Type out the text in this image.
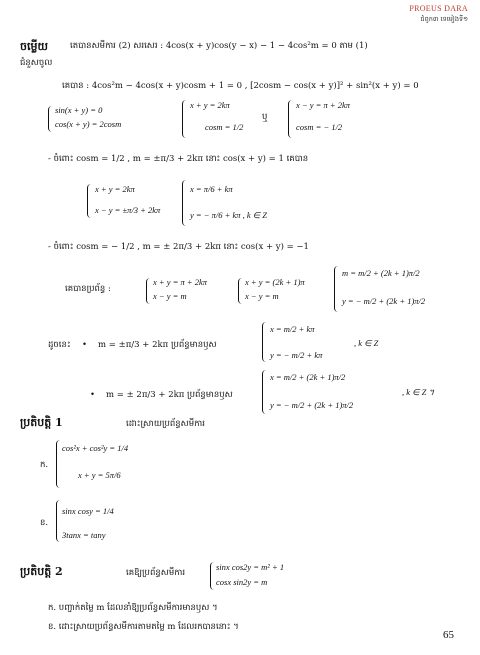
PROEUS DARA
ជំពូក៣ ទេមៀងទី១
ចម្លើយ	តេបានសមីការ (2) សរសេរ : 4cos(x + y)cos(y − x) − 1 − 4cos²m = 0 តាម (1)
ជំនួសចូល
គេបាន : 4cos²m − 4cos(x + y)cosm + 1 = 0 , [2cosm − cos(x + y)]² + sin²(x + y) = 0
sin(x + y) = 0
cos(x + y) = 2cosm
x + y = 2kπ
cosm = 1/2
ឬ
x − y = π + 2kπ
cosm = − 1/2
- ចំពោះ cosm = 1/2 , m = ±π/3 + 2kπ នោះ cos(x + y) = 1 គេបាន
x + y = 2kπ
x − y = ±π/3 + 2kπ
x = π/6 + kπ
y = − π/6 + kπ , k ∈ Z
- ចំពោះ cosm = − 1/2 , m = ± 2π/3 + 2kπ នោះ cos(x + y) = −1
គេបានប្រព័ន្ធ :
x + y = π + 2kπ
x − y = m
x + y = (2k + 1)π
x − y = m
m = m/2 + (2k + 1)π/2
y = − m/2 + (2k + 1)π/2
ដូចនេះ • m = ±π/3 + 2kπ ប្រព័ន្ធមានឫស
x = m/2 + kπ
y = − m/2 + kπ
, k ∈ Z
• m = ± 2π/3 + 2kπ ប្រព័ន្ធមានឫស
x = m/2 + (2k + 1)π/2
y = − m/2 + (2k + 1)π/2
, k ∈ Z ។
ប្រតិបត្តិ 1	ដោះស្រាយប្រព័ន្ធសមីការ
ក.
cos²x + cos²y = 1/4
x + y = 5π/6
ខ.
sinx cosy = 1/4
3tanx = tany
ប្រតិបត្តិ 2	គេឱ្យប្រព័ន្ធសមីការ
sinx cos2y = m² + 1
cosx sin2y = m
ក. បញ្ជាក់តម្លៃ m ដែលនាំឱ្យប្រព័ន្ធសមីការមានឫស ។
ខ. ដោះស្រាយប្រព័ន្ធសមីការតាមតម្លៃ m ដែលរកបាននោះ ។
65
